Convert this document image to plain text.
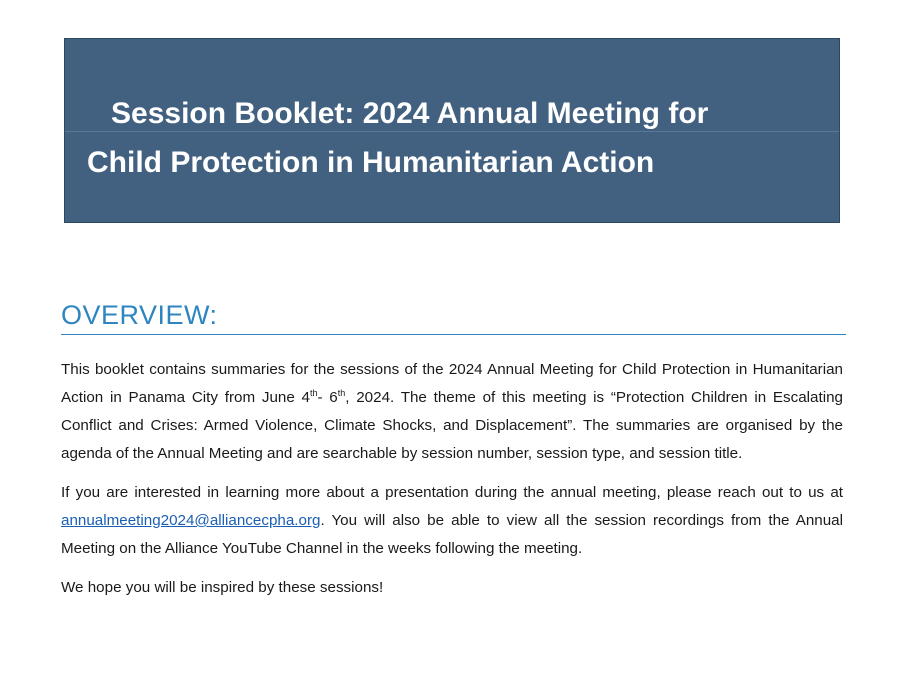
Session Booklet: 2024 Annual Meeting for
Child Protection in Humanitarian Action
OVERVIEW:

This booklet contains summaries for the sessions of the 2024 Annual Meeting for Child Protection in Humanitarian Action in Panama City from June 4th- 6th, 2024. The theme of this meeting is “Protection Children in Escalating Conflict and Crises: Armed Violence, Climate Shocks, and Displacement”. The summaries are organised by the agenda of the Annual Meeting and are searchable by session number, session type, and session title.

If you are interested in learning more about a presentation during the annual meeting, please reach out to us at annualmeeting2024@alliancecpha.org. You will also be able to view all the session recordings from the Annual Meeting on the Alliance YouTube Channel in the weeks following the meeting.

We hope you will be inspired by these sessions!
